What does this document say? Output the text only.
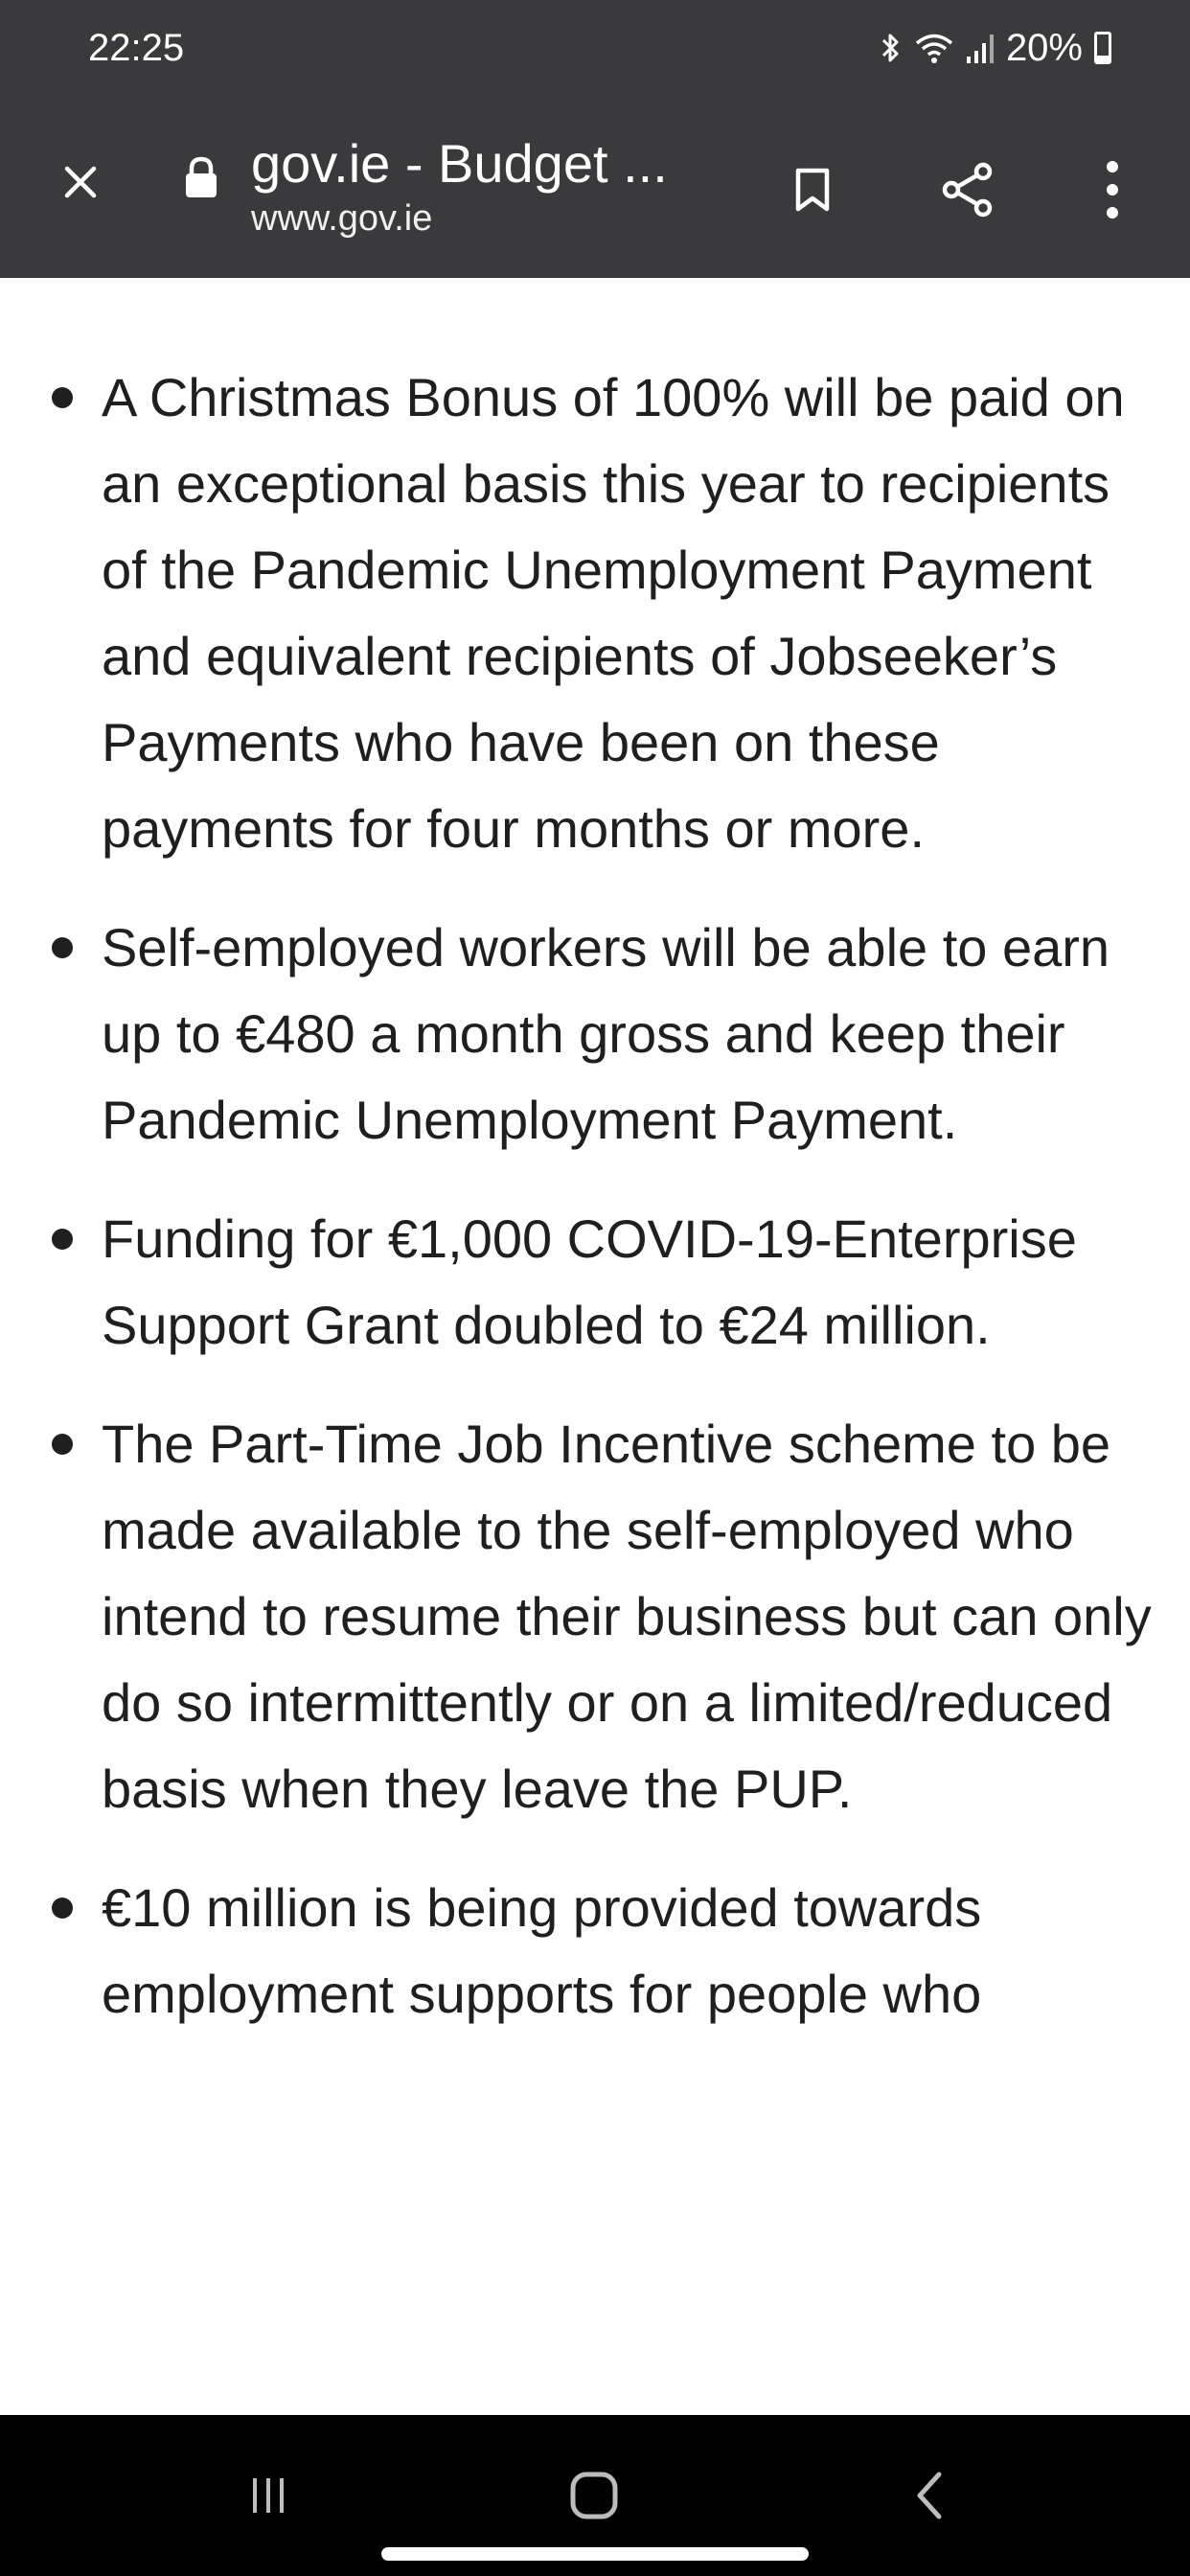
22:25	20%
gov.ie - Budget ...
www.gov.ie
A Christmas Bonus of 100% will be paid on an exceptional basis this year to recipients of the Pandemic Unemployment Payment and equivalent recipients of Jobseeker’s Payments who have been on these payments for four months or more.
Self-employed workers will be able to earn up to €480 a month gross and keep their Pandemic Unemployment Payment.
Funding for €1,000 COVID-19-Enterprise Support Grant doubled to €24 million.
The Part-Time Job Incentive scheme to be made available to the self-employed who intend to resume their business but can only do so intermittently or on a limited/reduced basis when they leave the PUP.
€10 million is being provided towards employment supports for people who
